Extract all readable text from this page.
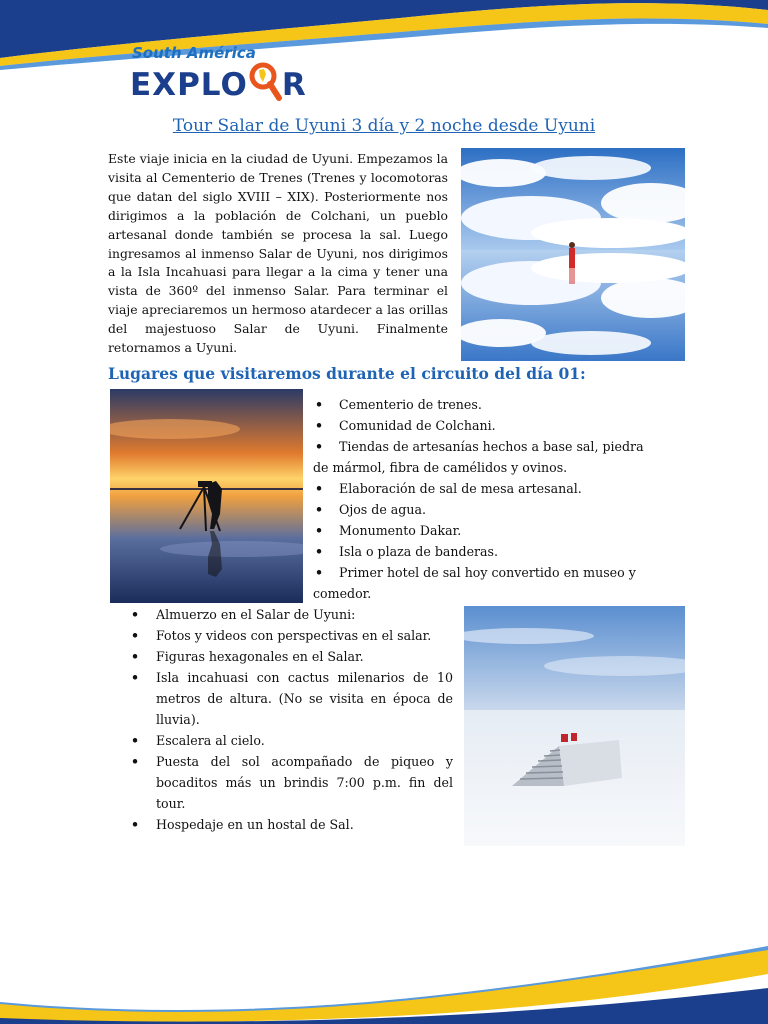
South América
EXPLO R
Tour Salar de Uyuni 3 día y 2 noche desde Uyuni
Este viaje inicia en la ciudad de Uyuni. Empezamos la visita al Cementerio de Trenes (Trenes y locomotoras que datan del siglo XVIII – XIX). Posteriormente nos dirigimos a la población de Colchani, un pueblo artesanal donde también se procesa la sal. Luego ingresamos al inmenso Salar de Uyuni, nos dirigimos a la Isla Incahuasi para llegar a la cima y tener una vista de 360º del inmenso Salar. Para terminar el viaje apreciaremos un hermoso atardecer a las orillas del majestuoso Salar de Uyuni. Finalmente retornamos a Uyuni.
Lugares que visitaremos durante el circuito del día 01:
• Cementerio de trenes.
• Comunidad de Colchani.
• Tiendas de artesanías hechos a base sal, piedra de mármol, fibra de camélidos y ovinos.
• Elaboración de sal de mesa artesanal.
• Ojos de agua.
• Monumento Dakar.
• Isla o plaza de banderas.
• Primer hotel de sal hoy convertido en museo y comedor.
• Almuerzo en el Salar de Uyuni:
• Fotos y videos con perspectivas en el salar.
• Figuras hexagonales en el Salar.
• Isla incahuasi con cactus milenarios de 10 metros de altura. (No se visita en época de lluvia).
• Escalera al cielo.
• Puesta del sol acompañado de piqueo y bocaditos más un brindis 7:00 p.m. fin del tour.
• Hospedaje en un hostal de Sal.
